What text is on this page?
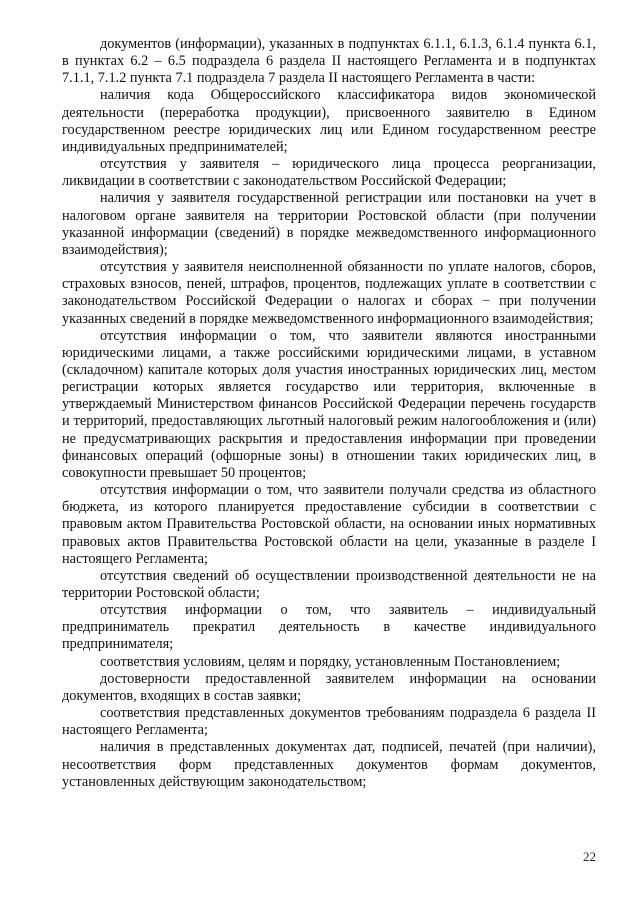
документов (информации), указанных в подпунктах 6.1.1, 6.1.3, 6.1.4 пункта 6.1, в пунктах 6.2 – 6.5 подраздела 6 раздела II настоящего Регламента и в подпунктах 7.1.1, 7.1.2 пункта 7.1 подраздела 7 раздела II настоящего Регламента в части:

наличия кода Общероссийского классификатора видов экономической деятельности (переработка продукции), присвоенного заявителю в Едином государственном реестре юридических лиц или Едином государственном реестре индивидуальных предпринимателей;

отсутствия у заявителя – юридического лица процесса реорганизации, ликвидации в соответствии с законодательством Российской Федерации;

наличия у заявителя государственной регистрации или постановки на учет в налоговом органе заявителя на территории Ростовской области (при получении указанной информации (сведений) в порядке межведомственного информационного взаимодействия);

отсутствия у заявителя неисполненной обязанности по уплате налогов, сборов, страховых взносов, пеней, штрафов, процентов, подлежащих уплате в соответствии с законодательством Российской Федерации о налогах и сборах − при получении указанных сведений в порядке межведомственного информационного взаимодействия;

отсутствия информации о том, что заявители являются иностранными юридическими лицами, а также российскими юридическими лицами, в уставном (складочном) капитале которых доля участия иностранных юридических лиц, местом регистрации которых является государство или территория, включенные в утверждаемый Министерством финансов Российской Федерации перечень государств и территорий, предоставляющих льготный налоговый режим налогообложения и (или) не предусматривающих раскрытия и предоставления информации при проведении финансовых операций (офшорные зоны) в отношении таких юридических лиц, в совокупности превышает 50 процентов;

отсутствия информации о том, что заявители получали средства из областного бюджета, из которого планируется предоставление субсидии в соответствии с правовым актом Правительства Ростовской области, на основании иных нормативных правовых актов Правительства Ростовской области на цели, указанные в разделе I настоящего Регламента;

отсутствия сведений об осуществлении производственной деятельности не на территории Ростовской области;

отсутствия информации о том, что заявитель – индивидуальный предприниматель прекратил деятельность в качестве индивидуального предпринимателя;

соответствия условиям, целям и порядку, установленным Постановлением;

достоверности предоставленной заявителем информации на основании документов, входящих в состав заявки;

соответствия представленных документов требованиям подраздела 6 раздела II настоящего Регламента;

наличия в представленных документах дат, подписей, печатей (при наличии), несоответствия форм представленных документов формам документов, установленных действующим законодательством;

22
